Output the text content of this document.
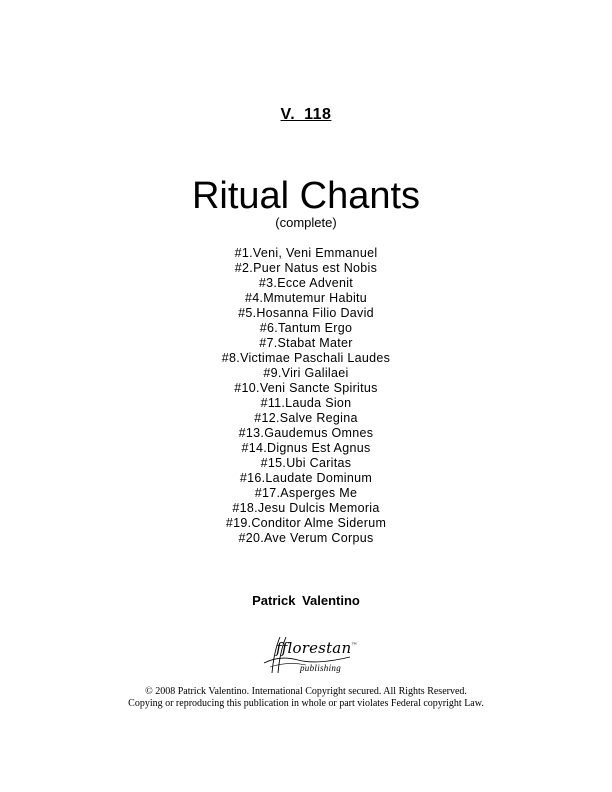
V. 118
Ritual Chants
(complete)
#1.Veni, Veni Emmanuel
#2.Puer Natus est Nobis
#3.Ecce Advenit
#4.Mmutemur Habitu
#5.Hosanna Filio David
#6.Tantum Ergo
#7.Stabat Mater
#8.Victimae Paschali Laudes
#9.Viri Galilaei
#10.Veni Sancte Spiritus
#11.Lauda Sion
#12.Salve Regina
#13.Gaudemus Omnes
#14.Dignus Est Agnus
#15.Ubi Caritas
#16.Laudate Dominum
#17.Asperges Me
#18.Jesu Dulcis Memoria
#19.Conditor Alme Siderum
#20.Ave Verum Corpus
Patrick Valentino
fflorestan™
publishing
© 2008 Patrick Valentino. International Copyright secured. All Rights Reserved.
Copying or reproducing this publication in whole or part violates Federal copyright Law.
